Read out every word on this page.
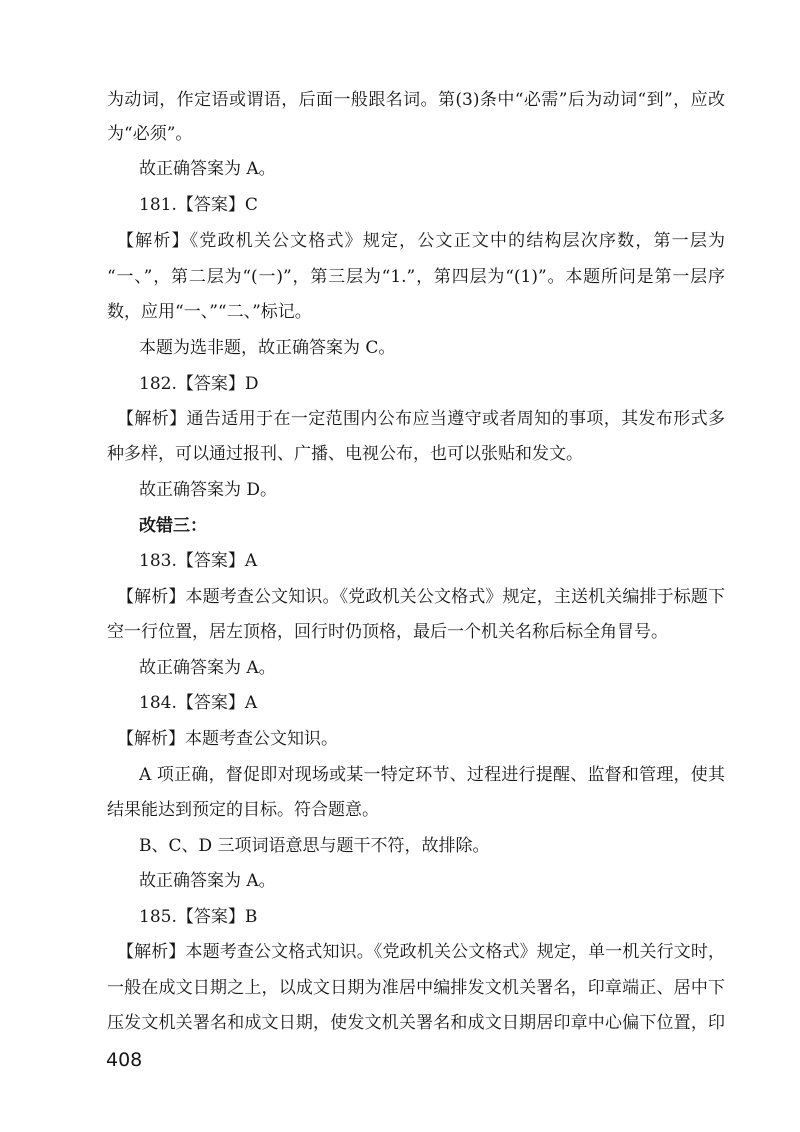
为动词，作定语或谓语，后面一般跟名词。第(3)条中“必需”后为动词“到”，应改

为“必须”。

故正确答案为 A。

181.【答案】C

【解析】《党政机关公文格式》规定，公文正文中的结构层次序数，第一层为

“一、”，第二层为“(一)”，第三层为“1.”，第四层为“(1)”。本题所问是第一层序

数，应用“一、”“二、”标记。

本题为选非题，故正确答案为 C。

182.【答案】D

【解析】通告适用于在一定范围内公布应当遵守或者周知的事项，其发布形式多

种多样，可以通过报刊、广播、电视公布，也可以张贴和发文。

故正确答案为 D。

改错三：

183.【答案】A

【解析】本题考查公文知识。《党政机关公文格式》规定，主送机关编排于标题下

空一行位置，居左顶格，回行时仍顶格，最后一个机关名称后标全角冒号。

故正确答案为 A。

184.【答案】A

【解析】本题考查公文知识。

A 项正确，督促即对现场或某一特定环节、过程进行提醒、监督和管理，使其

结果能达到预定的目标。符合题意。

B、C、D 三项词语意思与题干不符，故排除。

故正确答案为 A。

185.【答案】B

【解析】本题考查公文格式知识。《党政机关公文格式》规定，单一机关行文时，

一般在成文日期之上，以成文日期为准居中编排发文机关署名，印章端正、居中下

压发文机关署名和成文日期，使发文机关署名和成文日期居印章中心偏下位置，印

408
